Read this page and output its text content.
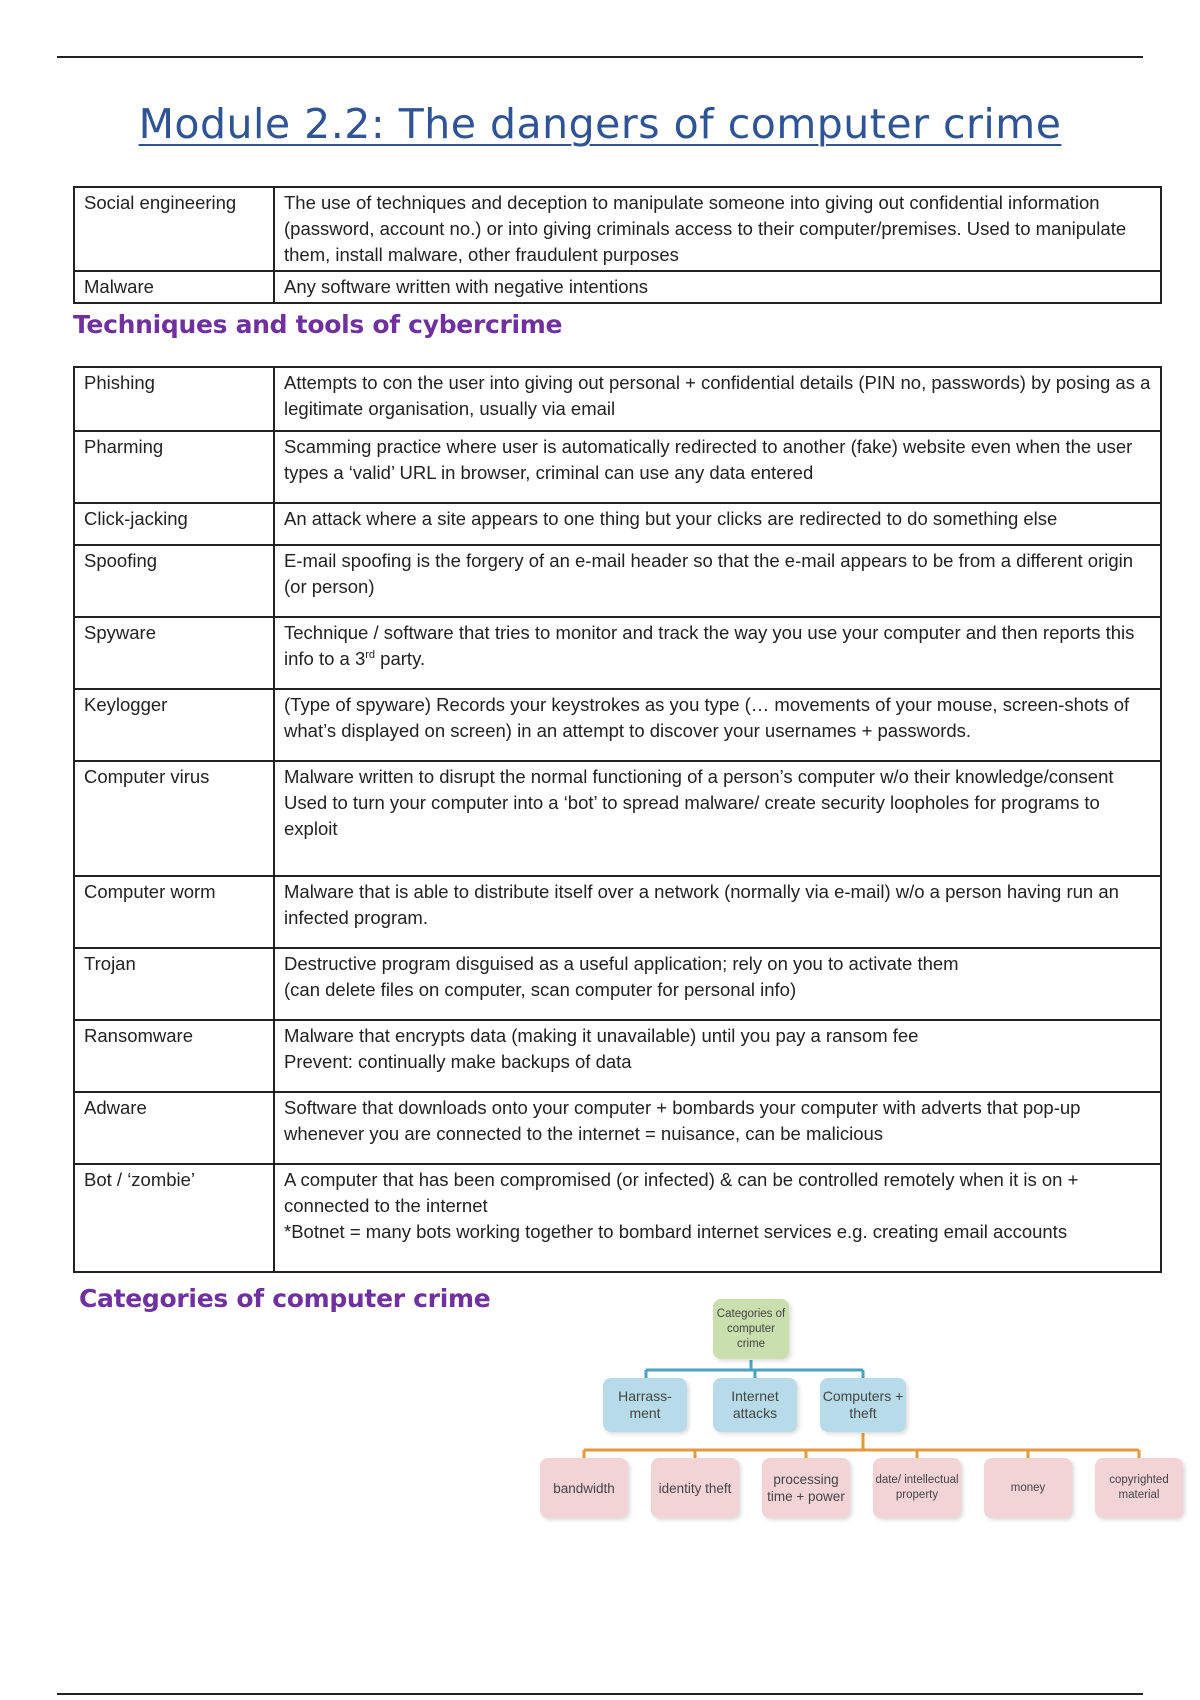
Module 2.2: The dangers of computer crime
Social engineering	The use of techniques and deception to manipulate someone into giving out confidential information (password, account no.) or into giving criminals access to their computer/premises. Used to manipulate them, install malware, other fraudulent purposes
Malware	Any software written with negative intentions
Techniques and tools of cybercrime
Phishing	Attempts to con the user into giving out personal + confidential details (PIN no, passwords) by posing as a legitimate organisation, usually via email
Pharming	Scamming practice where user is automatically redirected to another (fake) website even when the user types a ‘valid’ URL in browser, criminal can use any data entered
Click-jacking	An attack where a site appears to one thing but your clicks are redirected to do something else
Spoofing	E-mail spoofing is the forgery of an e-mail header so that the e-mail appears to be from a different origin (or person)
Spyware	Technique / software that tries to monitor and track the way you use your computer and then reports this info to a 3rd party.
Keylogger	(Type of spyware) Records your keystrokes as you type (… movements of your mouse, screen-shots of what’s displayed on screen) in an attempt to discover your usernames + passwords.
Computer virus	Malware written to disrupt the normal functioning of a person’s computer w/o their knowledge/consent
Used to turn your computer into a ‘bot’ to spread malware/ create security loopholes for programs to exploit

Computer worm	Malware that is able to distribute itself over a network (normally via e-mail) w/o a person having run an infected program.
Trojan	Destructive program disguised as a useful application; rely on you to activate them
(can delete files on computer, scan computer for personal info)

Ransomware	Malware that encrypts data (making it unavailable) until you pay a ransom fee
Prevent: continually make backups of data

Adware	Software that downloads onto your computer + bombards your computer with adverts that pop-up whenever you are connected to the internet = nuisance, can be malicious
Bot / ‘zombie’	A computer that has been compromised (or infected) & can be controlled remotely when it is on + connected to the internet
*Botnet = many bots working together to bombard internet services e.g. creating email accounts
Categories of computer crime
Categories of computer crime
Harrass-ment
Internet attacks
Computers + theft
bandwidth	identity theft
processing time + power
date/ intellectual property
money
copyrighted material
